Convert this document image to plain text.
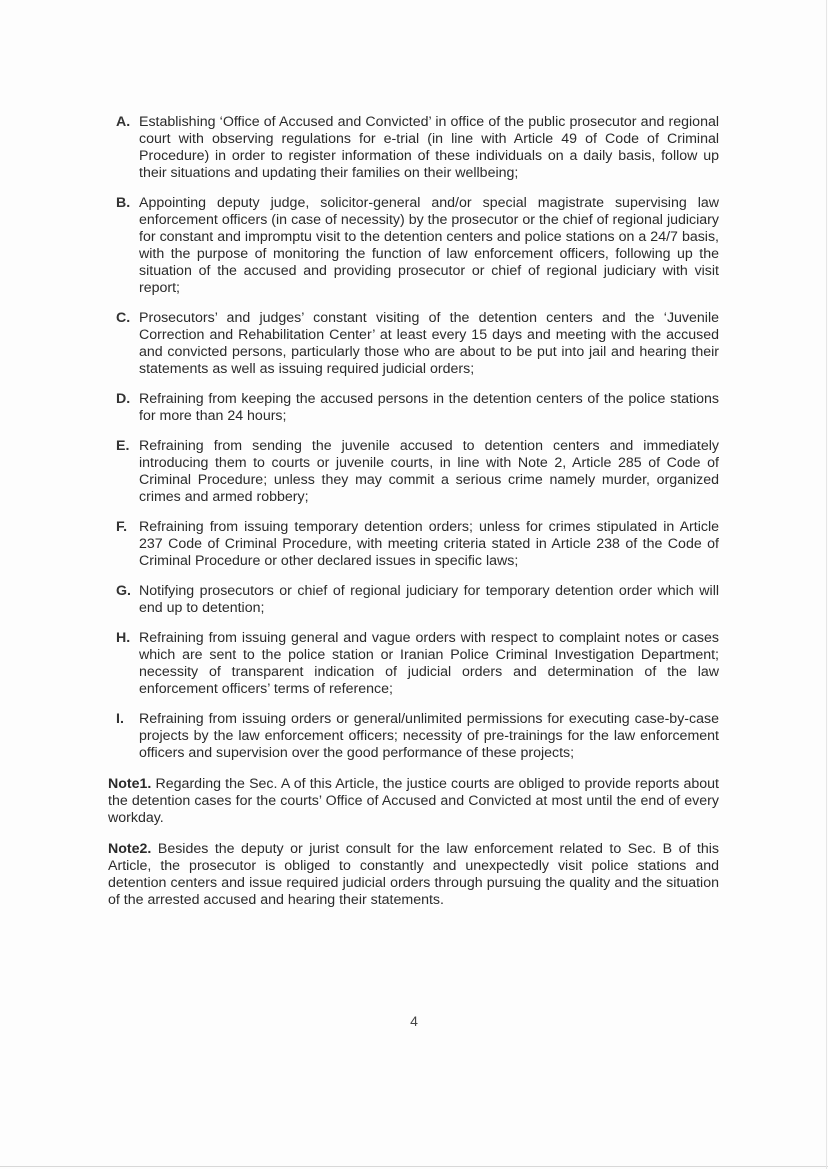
A. Establishing ‘Office of Accused and Convicted’ in office of the public prosecutor and regional court with observing regulations for e-trial (in line with Article 49 of Code of Criminal Procedure) in order to register information of these individuals on a daily basis, follow up their situations and updating their families on their wellbeing;
B. Appointing deputy judge, solicitor-general and/or special magistrate supervising law enforcement officers (in case of necessity) by the prosecutor or the chief of regional judiciary for constant and impromptu visit to the detention centers and police stations on a 24/7 basis, with the purpose of monitoring the function of law enforcement officers, following up the situation of the accused and providing prosecutor or chief of regional judiciary with visit report;
C. Prosecutors’ and judges’ constant visiting of the detention centers and the ‘Juvenile Correction and Rehabilitation Center’ at least every 15 days and meeting with the accused and convicted persons, particularly those who are about to be put into jail and hearing their statements as well as issuing required judicial orders;
D. Refraining from keeping the accused persons in the detention centers of the police stations for more than 24 hours;
E. Refraining from sending the juvenile accused to detention centers and immediately introducing them to courts or juvenile courts, in line with Note 2, Article 285 of Code of Criminal Procedure; unless they may commit a serious crime namely murder, organized crimes and armed robbery;
F. Refraining from issuing temporary detention orders; unless for crimes stipulated in Article 237 Code of Criminal Procedure, with meeting criteria stated in Article 238 of the Code of Criminal Procedure or other declared issues in specific laws;
G. Notifying prosecutors or chief of regional judiciary for temporary detention order which will end up to detention;
H. Refraining from issuing general and vague orders with respect to complaint notes or cases which are sent to the police station or Iranian Police Criminal Investigation Department; necessity of transparent indication of judicial orders and determination of the law enforcement officers’ terms of reference;
I. Refraining from issuing orders or general/unlimited permissions for executing case-by-case projects by the law enforcement officers; necessity of pre-trainings for the law enforcement officers and supervision over the good performance of these projects;

Note1. Regarding the Sec. A of this Article, the justice courts are obliged to provide reports about the detention cases for the courts’ Office of Accused and Convicted at most until the end of every workday.

Note2. Besides the deputy or jurist consult for the law enforcement related to Sec. B of this Article, the prosecutor is obliged to constantly and unexpectedly visit police stations and detention centers and issue required judicial orders through pursuing the quality and the situation of the arrested accused and hearing their statements.

4
